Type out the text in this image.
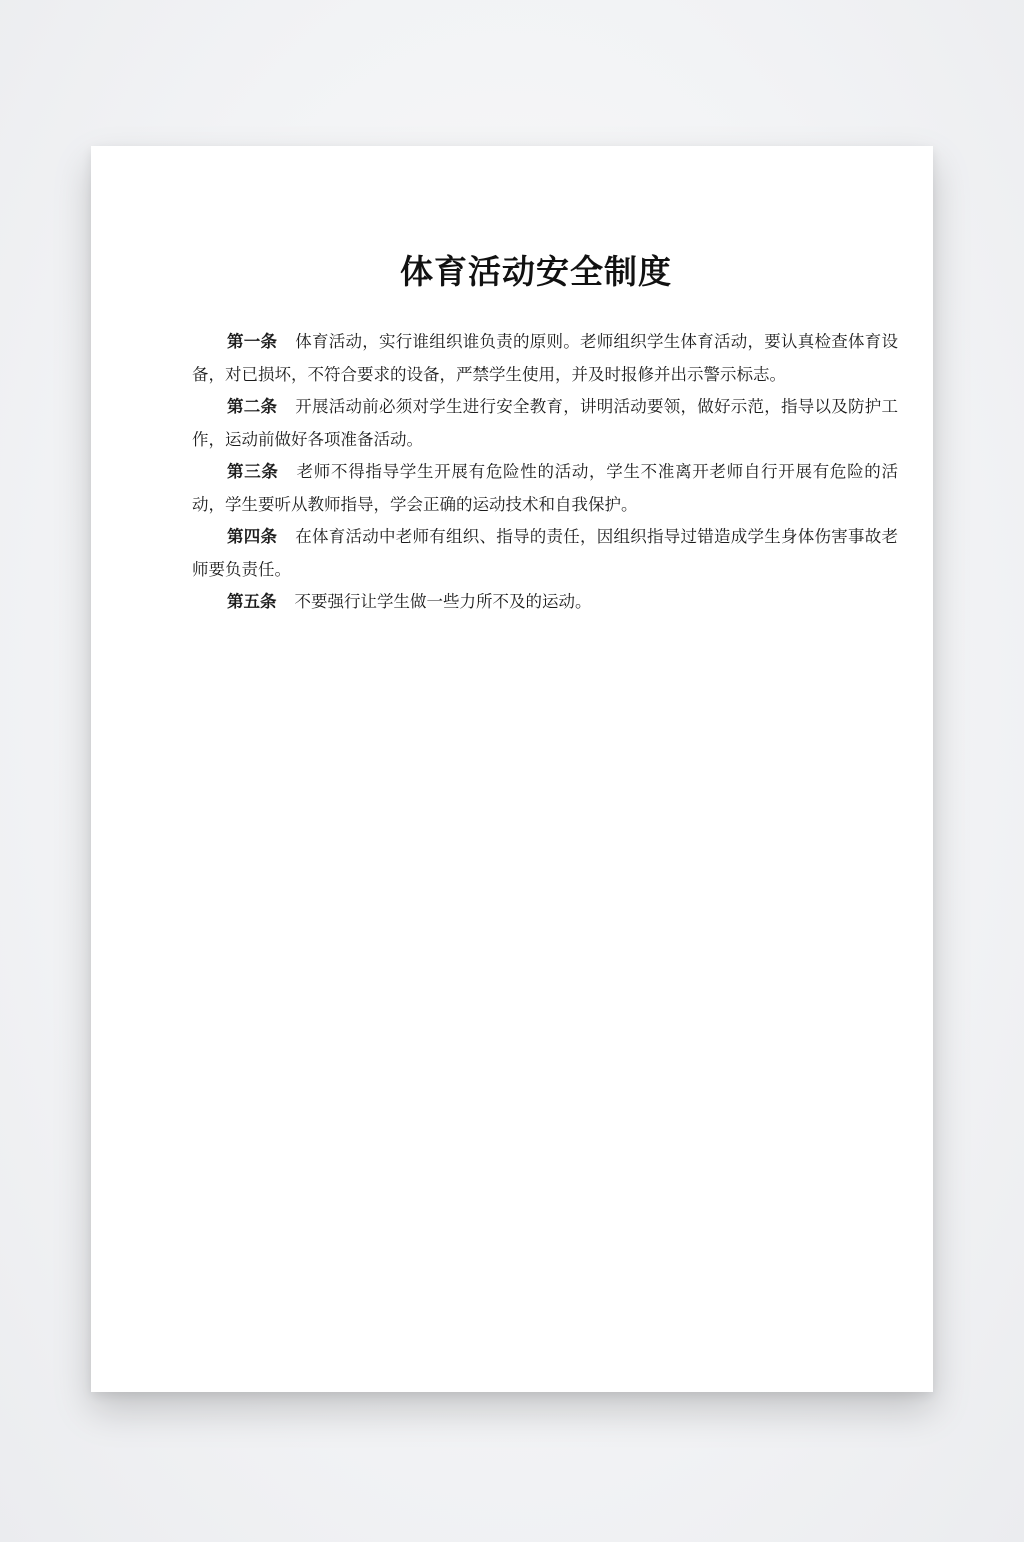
体育活动安全制度

第一条 体育活动，实行谁组织谁负责的原则。老师组织学生体育活动，要认真检查体育设备，对已损坏，不符合要求的设备，严禁学生使用，并及时报修并出示警示标志。

第二条 开展活动前必须对学生进行安全教育，讲明活动要领，做好示范，指导以及防护工作，运动前做好各项准备活动。

第三条 老师不得指导学生开展有危险性的活动，学生不准离开老师自行开展有危险的活动，学生要听从教师指导，学会正确的运动技术和自我保护。

第四条 在体育活动中老师有组织、指导的责任，因组织指导过错造成学生身体伤害事故老师要负责任。

第五条 不要强行让学生做一些力所不及的运动。
